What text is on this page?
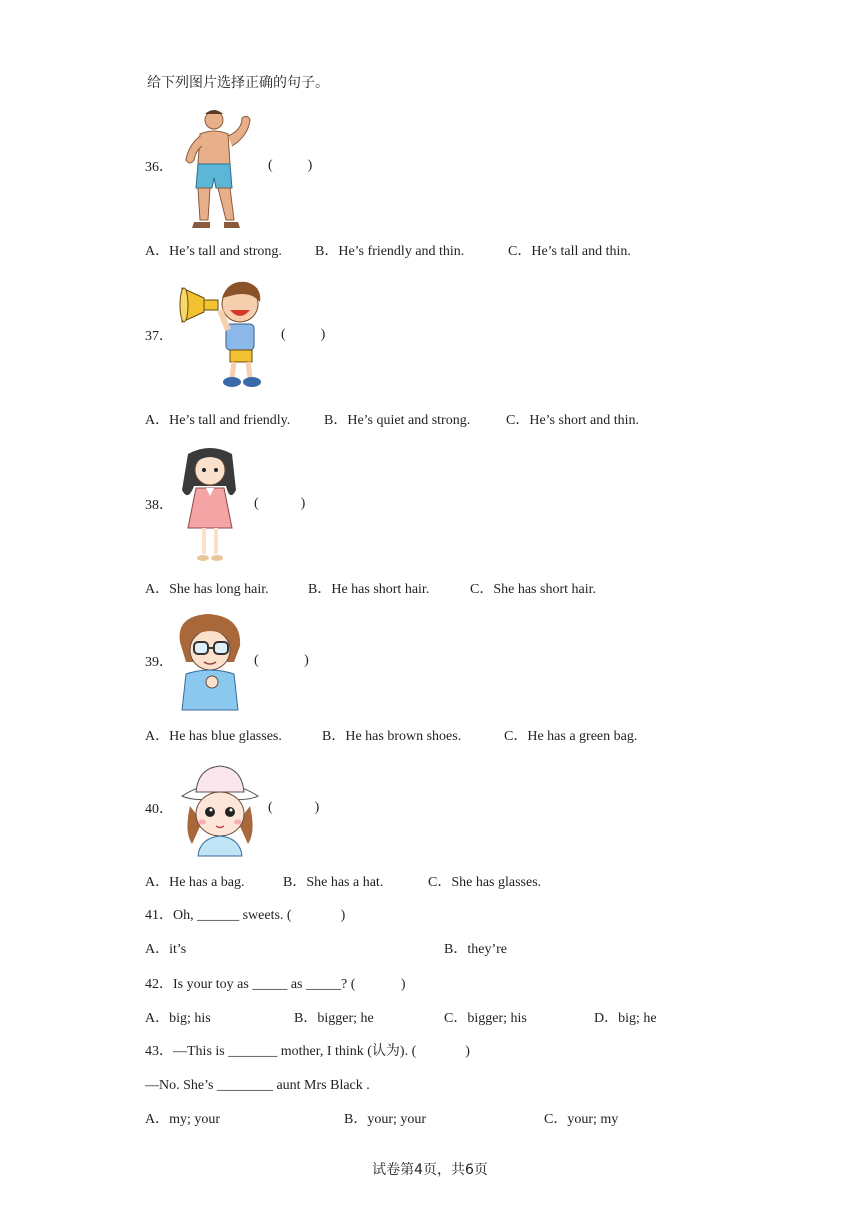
给下列图片选择正确的句子。
36．	(          )
A．He’s tall and strong. B．He’s friendly and thin.	C．He’s tall and thin.
37．	(          )
A．He’s tall and friendly. B．He’s quiet and strong.	C．He’s short and thin.
38．	(            )
A．She has long hair.	B．He has short hair.	C．She has short hair.
39．	(             )
A．He has blue glasses.	B．He has brown shoes.	C．He has a green bag.
40．	(            )
A．He has a bag.	B．She has a hat.	C．She has glasses.
41．Oh, ______ sweets. (              )
A．it’s	B．they’re
42．Is your toy as _____ as _____? (             )
A．big; his	B．bigger; he	C．bigger; his	D．big; he
43．—This is _______ mother, I think (认为). (              )
—No. She’s ________ aunt Mrs Black .
A．my; your	B．your; your	C．your; my
试卷第4页，共6页
